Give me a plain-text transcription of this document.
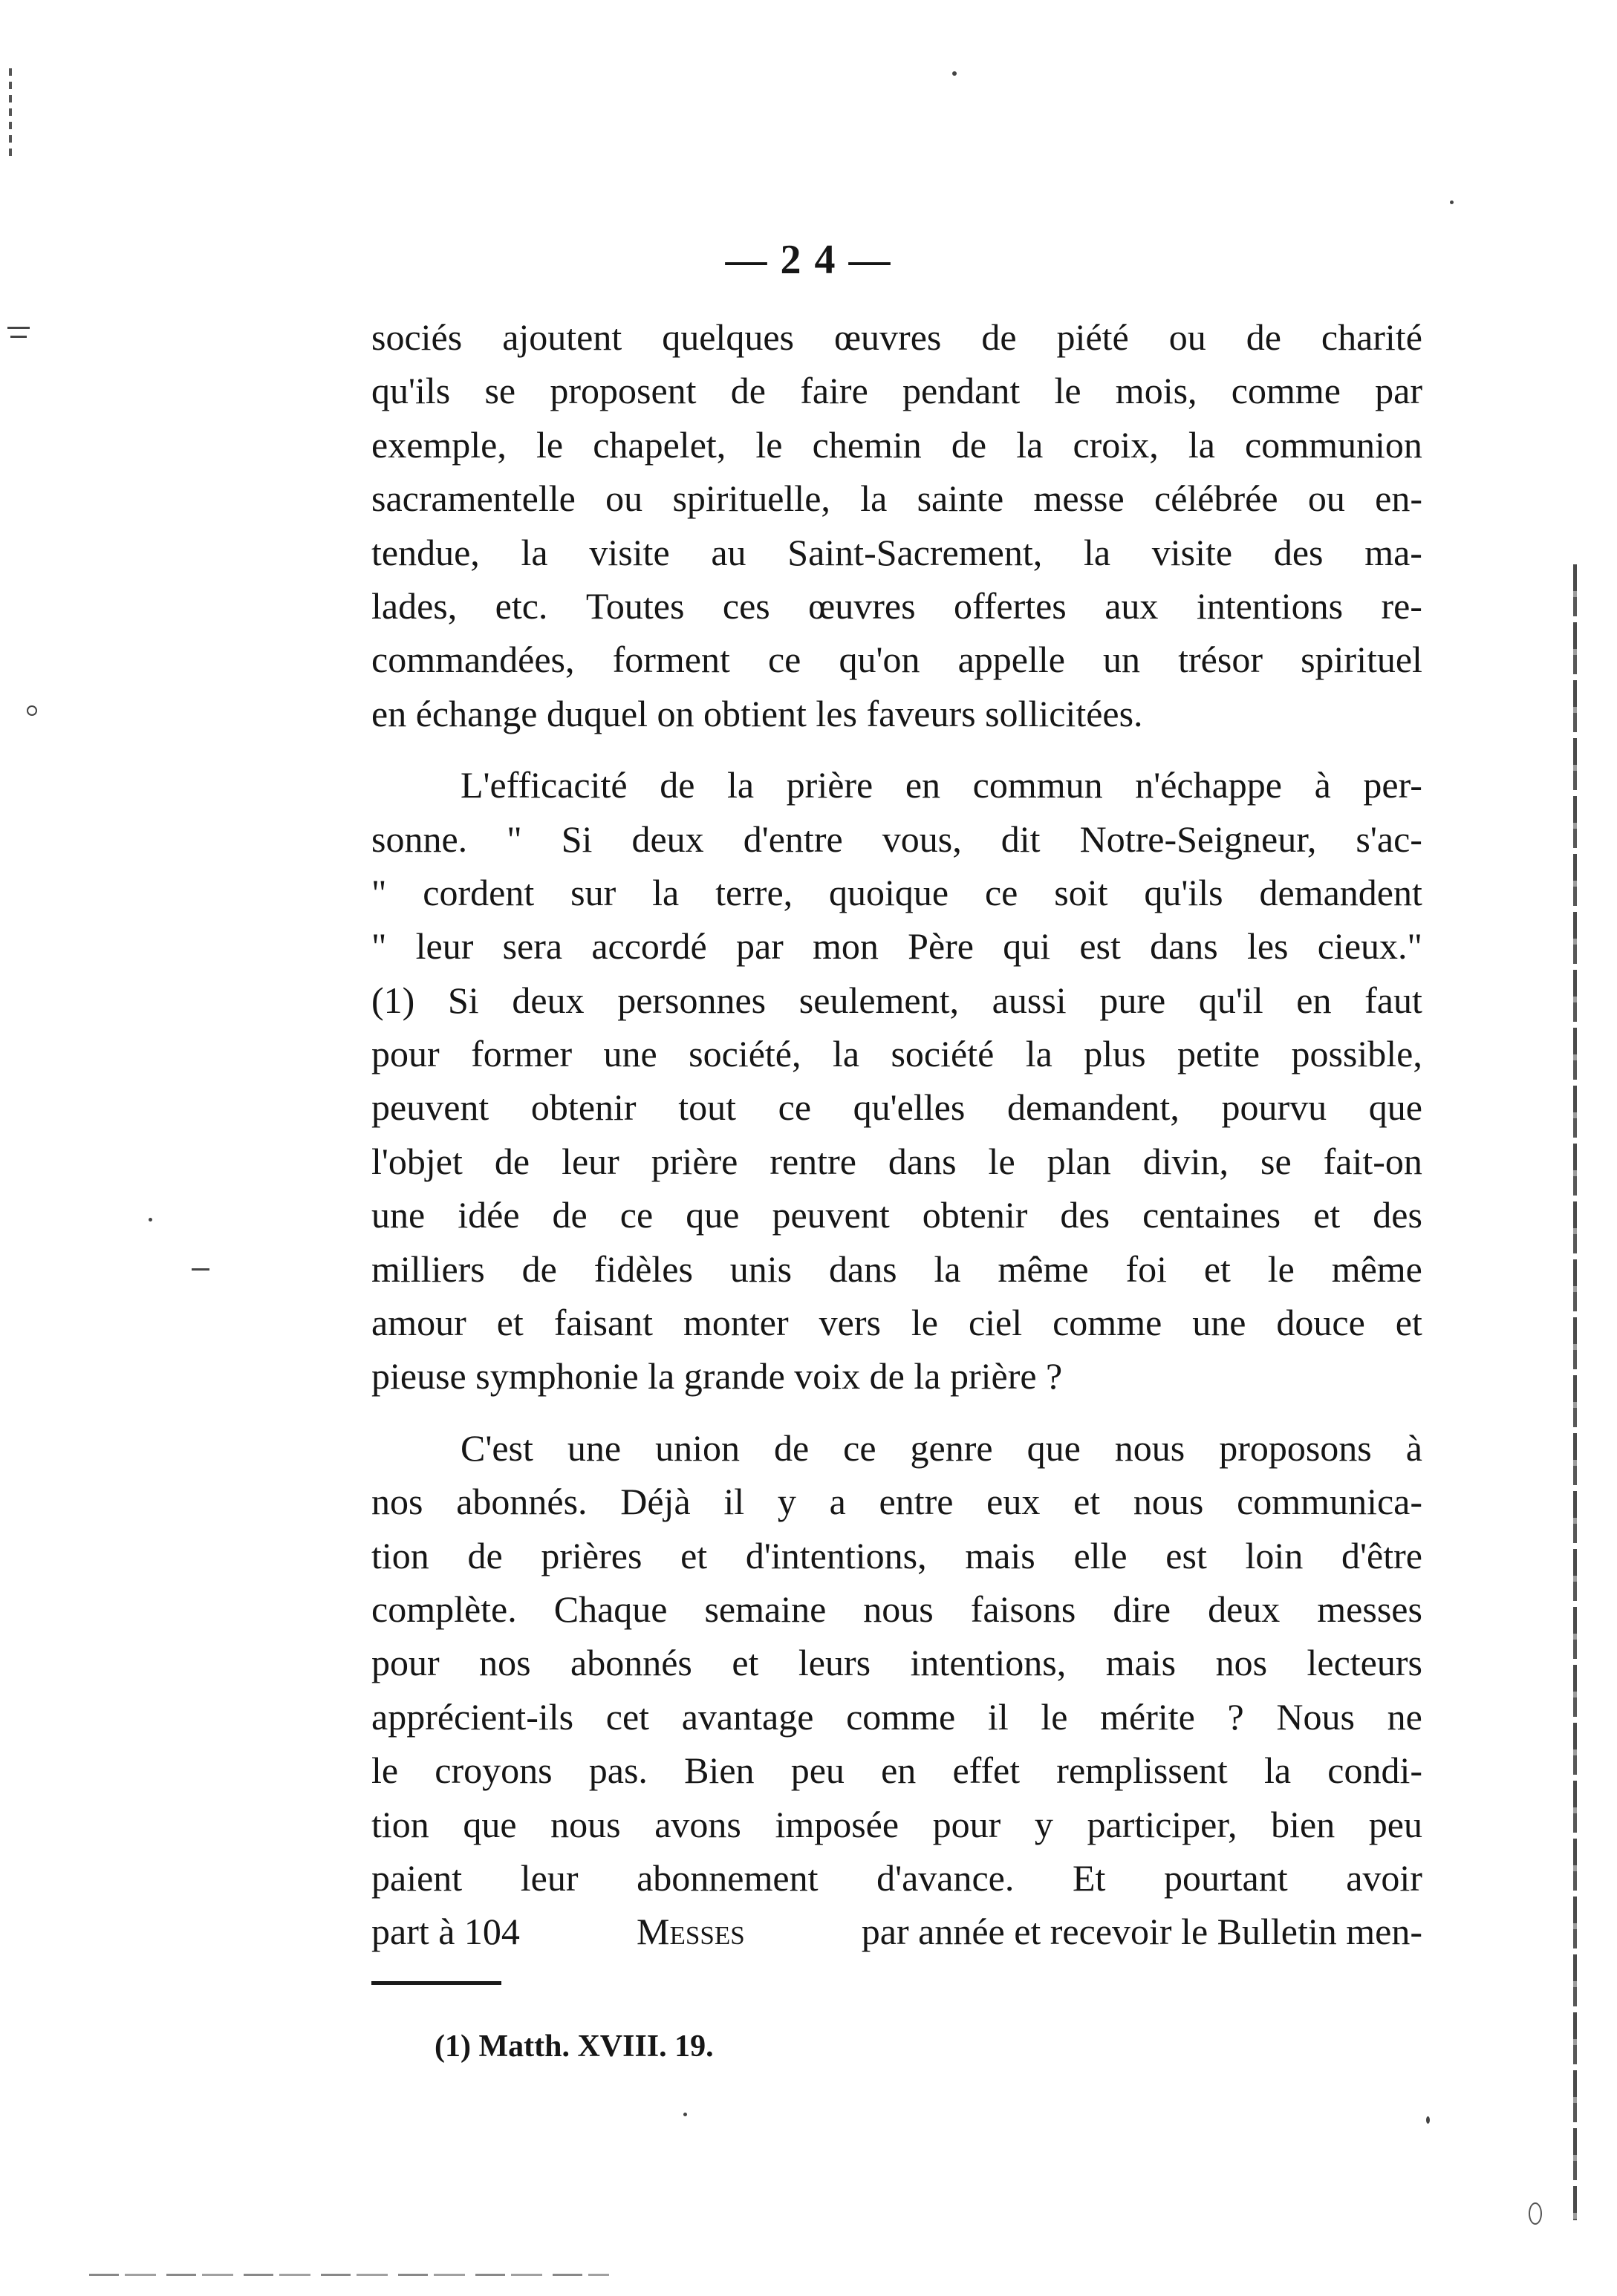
— 2 4 —
sociés ajoutent quelques œuvres de piété ou de charité
qu'ils se proposent de faire pendant le mois, comme par
exemple, le chapelet, le chemin de la croix, la communion
sacramentelle ou spirituelle, la sainte messe célébrée ou en-
tendue, la visite au Saint-Sacrement, la visite des ma-
lades, etc. Toutes ces œuvres offertes aux intentions re-
commandées, forment ce qu'on appelle un trésor spirituel
en échange duquel on obtient les faveurs sollicitées.
L'efficacité de la prière en commun n'échappe à per-
sonne. " Si deux d'entre vous, dit Notre-Seigneur, s'ac-
" cordent sur la terre, quoique ce soit qu'ils demandent
" leur sera accordé par mon Père qui est dans les cieux."
(1) Si deux personnes seulement, aussi pure qu'il en faut
pour former une société, la société la plus petite possible,
peuvent obtenir tout ce qu'elles demandent, pourvu que
l'objet de leur prière rentre dans le plan divin, se fait-on
une idée de ce que peuvent obtenir des centaines et des
milliers de fidèles unis dans la même foi et le même
amour et faisant monter vers le ciel comme une douce et
pieuse symphonie la grande voix de la prière ?
C'est une union de ce genre que nous proposons à
nos abonnés. Déjà il y a entre eux et nous communica-
tion de prières et d'intentions, mais elle est loin d'être
complète. Chaque semaine nous faisons dire deux messes
pour nos abonnés et leurs intentions, mais nos lecteurs
apprécient-ils cet avantage comme il le mérite ? Nous ne
le croyons pas. Bien peu en effet remplissent la condi-
tion que nous avons imposée pour y participer, bien peu
paient leur abonnement d'avance. Et pourtant avoir
part à 104	Messes	par année et recevoir le Bulletin men-
(1) Matth. XVIII. 19.
